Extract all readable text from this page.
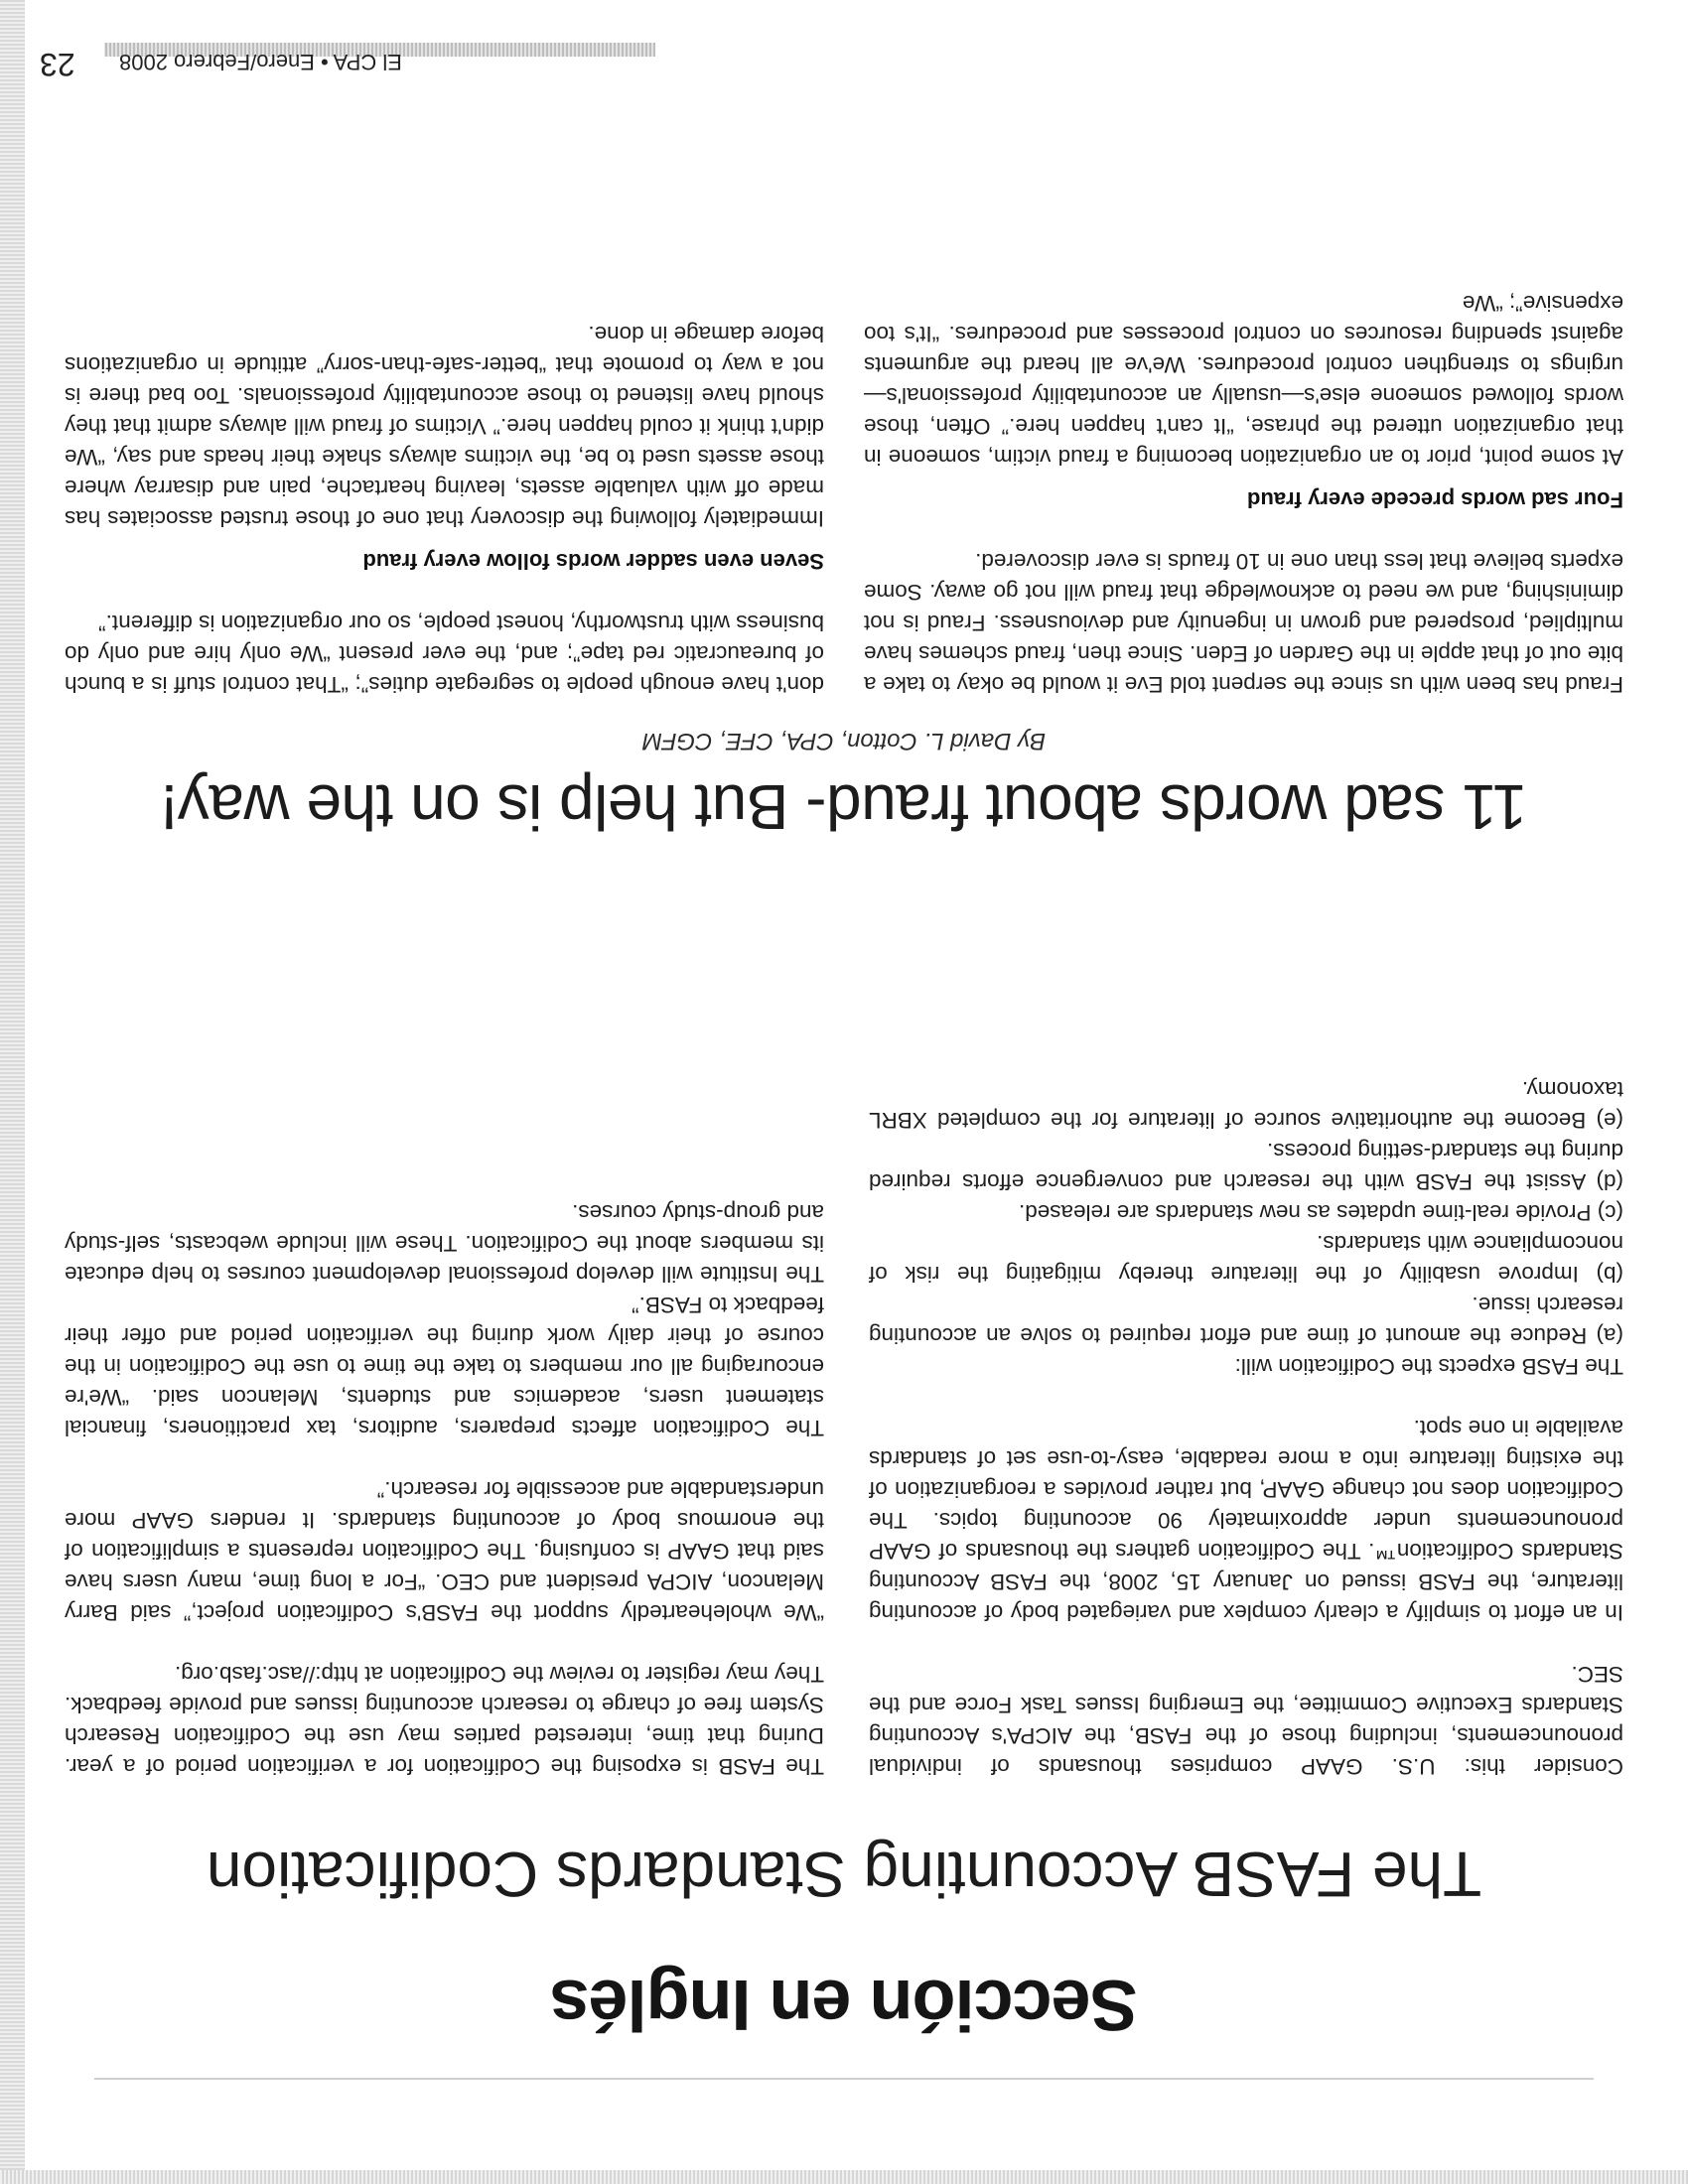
Sección en Inglés
The FASB Accounting Standards Codification

Consider this: U.S. GAAP comprises thousands of individual pronouncements, including those of the FASB, the AICPA's Accounting Standards Executive Committee, the Emerging Issues Task Force and the SEC.

In an effort to simplify a clearly complex and variegated body of accounting literature, the FASB issued on January 15, 2008, the FASB Accounting Standards Codification™. The Codification gathers the thousands of GAAP pronouncements under approximately 90 accounting topics. The Codification does not change GAAP, but rather provides a reorganization of the existing literature into a more readable, easy-to-use set of standards available in one spot.

The FASB expects the Codification will:

(a) Reduce the amount of time and effort required to solve an accounting research issue.

(b) Improve usability of the literature thereby mitigating the risk of noncompliance with standards.

(c) Provide real-time updates as new standards are released.

(d) Assist the FASB with the research and convergence efforts required during the standard-setting process.

(e) Become the authoritative source of literature for the completed XBRL taxonomy.

The FASB is exposing the Codification for a verification period of a year. During that time, interested parties may use the Codification Research System free of charge to research accounting issues and provide feedback. They may register to review the Codification at http://asc.fasb.org.

“We wholeheartedly support the FASB's Codification project,” said Barry Melancon, AICPA president and CEO. “For a long time, many users have said that GAAP is confusing. The Codification represents a simplification of the enormous body of accounting standards. It renders GAAP more understandable and accessible for research.”

The Codification affects preparers, auditors, tax practitioners, financial statement users, academics and students, Melancon said. “We're encouraging all our members to take the time to use the Codification in the course of their daily work during the verification period and offer their feedback to FASB.”

The Institute will develop professional development courses to help educate its members about the Codification. These will include webcasts, self-study and group-study courses.

11 sad words about fraud- But help is on the way!
By David L. Cotton, CPA, CFE, CGFM

Fraud has been with us since the serpent told Eve it would be okay to take a bite out of that apple in the Garden of Eden. Since then, fraud schemes have multiplied, prospered and grown in ingenuity and deviousness. Fraud is not diminishing, and we need to acknowledge that fraud will not go away. Some experts believe that less than one in 10 frauds is ever discovered.

Four sad words precede every fraud

At some point, prior to an organization becoming a fraud victim, someone in that organization uttered the phrase, “It can't happen here.” Often, those words followed someone else's—usually an accountability professional's—urgings to strengthen control procedures. We've all heard the arguments against spending resources on control processes and procedures. “It's too expensive”; “We

don't have enough people to segregate duties”; “That control stuff is a bunch of bureaucratic red tape”; and, the ever present “We only hire and only do business with trustworthy, honest people, so our organization is different.”

Seven even sadder words follow every fraud

Immediately following the discovery that one of those trusted associates has made off with valuable assets, leaving heartache, pain and disarray where those assets used to be, the victims always shake their heads and say, “We didn't think it could happen here.” Victims of fraud will always admit that they should have listened to those accountability professionals. Too bad there is not a way to promote that “better-safe-than-sorry” attitude in organizations before damage in done.

El CPA • Enero/Febrero 2008
23
